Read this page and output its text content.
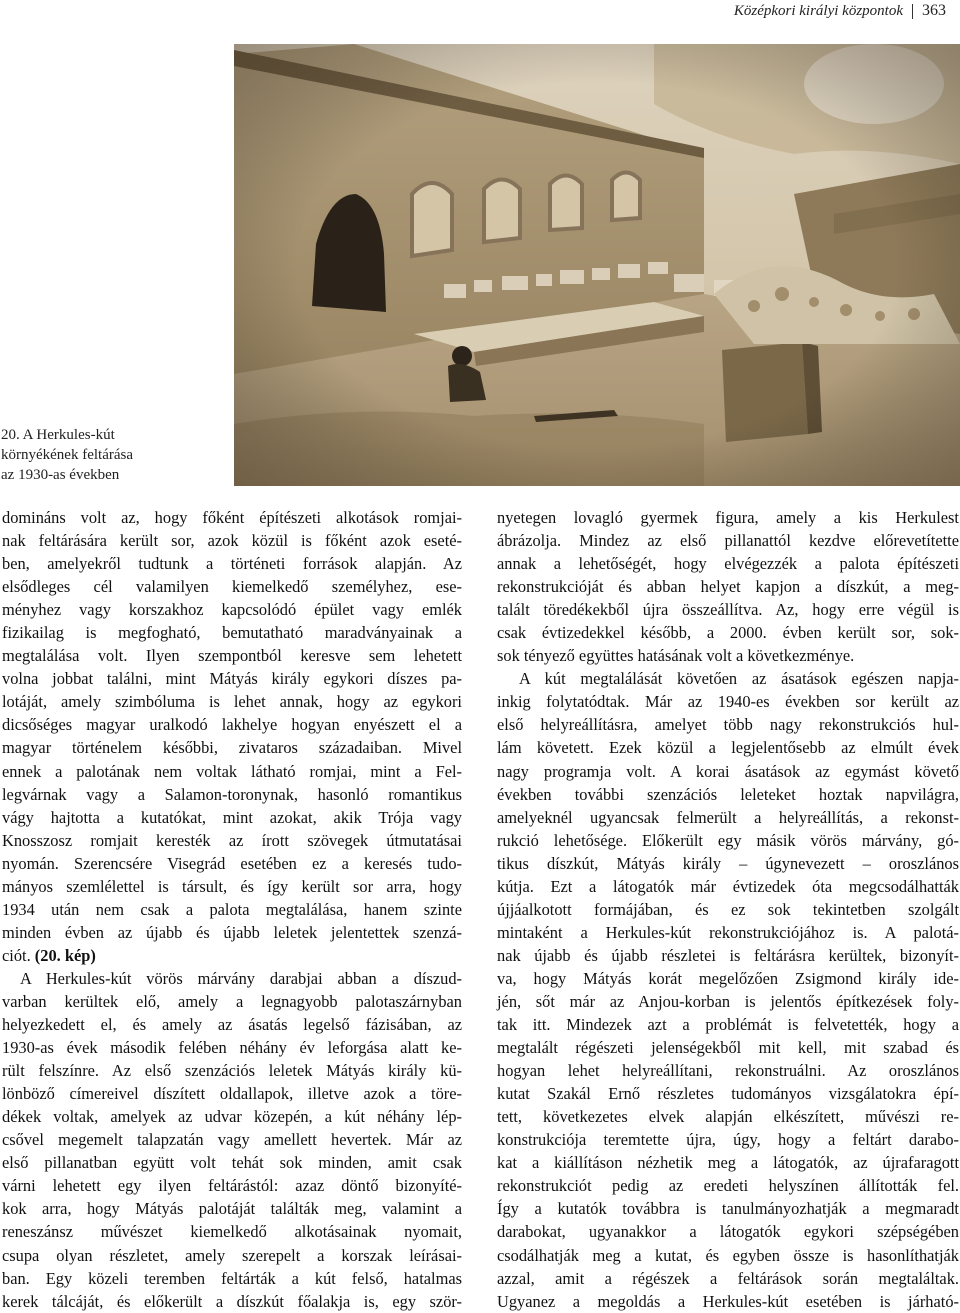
Középkori királyi központok 363
20. A Herkules-kút
környékének feltárása
az 1930-as években
domináns volt az, hogy főként építészeti alkotások romjai-
nak feltárására került sor, azok közül is főként azok eseté-
ben, amelyekről tudtunk a történeti források alapján. Az
elsődleges cél valamilyen kiemelkedő személyhez, ese-
ményhez vagy korszakhoz kapcsolódó épület vagy emlék
fizikailag is megfogható, bemutatható maradványainak a
megtalálása volt. Ilyen szempontból keresve sem lehetett
volna jobbat találni, mint Mátyás király egykori díszes pa-
lotáját, amely szimbóluma is lehet annak, hogy az egykori
dicsőséges magyar uralkodó lakhelye hogyan enyészett el a
magyar történelem későbbi, zivataros századaiban. Mivel
ennek a palotának nem voltak látható romjai, mint a Fel-
legvárnak vagy a Salamon-toronynak, hasonló romantikus
vágy hajtotta a kutatókat, mint azokat, akik Trója vagy
Knosszosz romjait keresték az írott szövegek útmutatásai
nyomán. Szerencsére Visegrád esetében ez a keresés tudo-
mányos szemlélettel is társult, és így került sor arra, hogy
1934 után nem csak a palota megtalálása, hanem szinte
minden évben az újabb és újabb leletek jelentettek szenzá-
ciót. (20. kép)
A Herkules-kút vörös márvány darabjai abban a díszud-
varban kerültek elő, amely a legnagyobb palotaszárnyban
helyezkedett el, és amely az ásatás legelső fázisában, az
1930-as évek második felében néhány év leforgása alatt ke-
rült felszínre. Az első szenzációs leletek Mátyás király kü-
lönböző címereivel díszített oldallapok, illetve azok a töre-
dékek voltak, amelyek az udvar közepén, a kút néhány lép-
csővel megemelt talapzatán vagy amellett hevertek. Már az
első pillanatban együtt volt tehát sok minden, amit csak
várni lehetett egy ilyen feltárástól: azaz döntő bizonyíté-
kok arra, hogy Mátyás palotáját találták meg, valamint a
reneszánsz művészet kiemelkedő alkotásainak nyomait,
csupa olyan részletet, amely szerepelt a korszak leírásai-
ban. Egy közeli teremben feltárták a kút felső, hatalmas
kerek tálcáját, és előkerült a díszkút főalakja is, egy ször-
nyetegen lovagló gyermek figura, amely a kis Herkulest
ábrázolja. Mindez az első pillanattól kezdve előrevetítette
annak a lehetőségét, hogy elvégezzék a palota építészeti
rekonstrukcióját és abban helyet kapjon a díszkút, a meg-
talált töredékekből újra összeállítva. Az, hogy erre végül is
csak évtizedekkel később, a 2000. évben került sor, sok-
sok tényező együttes hatásának volt a következménye.
A kút megtalálását követően az ásatások egészen napja-
inkig folytatódtak. Már az 1940-es években sor került az
első helyreállításra, amelyet több nagy rekonstrukciós hul-
lám követett. Ezek közül a legjelentősebb az elmúlt évek
nagy programja volt. A korai ásatások az egymást követő
években további szenzációs leleteket hoztak napvilágra,
amelyeknél ugyancsak felmerült a helyreállítás, a rekonst-
rukció lehetősége. Előkerült egy másik vörös márvány, gó-
tikus díszkút, Mátyás király – úgynevezett – oroszlános
kútja. Ezt a látogatók már évtizedek óta megcsodálhatták
újjáalkotott formájában, és ez sok tekintetben szolgált
mintaként a Herkules-kút rekonstrukciójához is. A palotá-
nak újabb és újabb részletei is feltárásra kerültek, bizonyít-
va, hogy Mátyás korát megelőzően Zsigmond király ide-
jén, sőt már az Anjou-korban is jelentős építkezések foly-
tak itt. Mindezek azt a problémát is felvetették, hogy a
megtalált régészeti jelenségekből mit kell, mit szabad és
hogyan lehet helyreállítani, rekonstruálni. Az oroszlános
kutat Szakál Ernő részletes tudományos vizsgálatokra épí-
tett, következetes elvek alapján elkészített, művészi re-
konstrukciója teremtette újra, úgy, hogy a feltárt darabo-
kat a kiállításon nézhetik meg a látogatók, az újrafaragott
rekonstrukciót pedig az eredeti helyszínen állították fel.
Így a kutatók továbbra is tanulmányozhatják a megmaradt
darabokat, ugyanakkor a látogatók egykori szépségében
csodálhatják meg a kutat, és egyben össze is hasonlíthatják
azzal, amit a régészek a feltárások során megtaláltak.
Ugyanez a megoldás a Herkules-kút esetében is járható-
